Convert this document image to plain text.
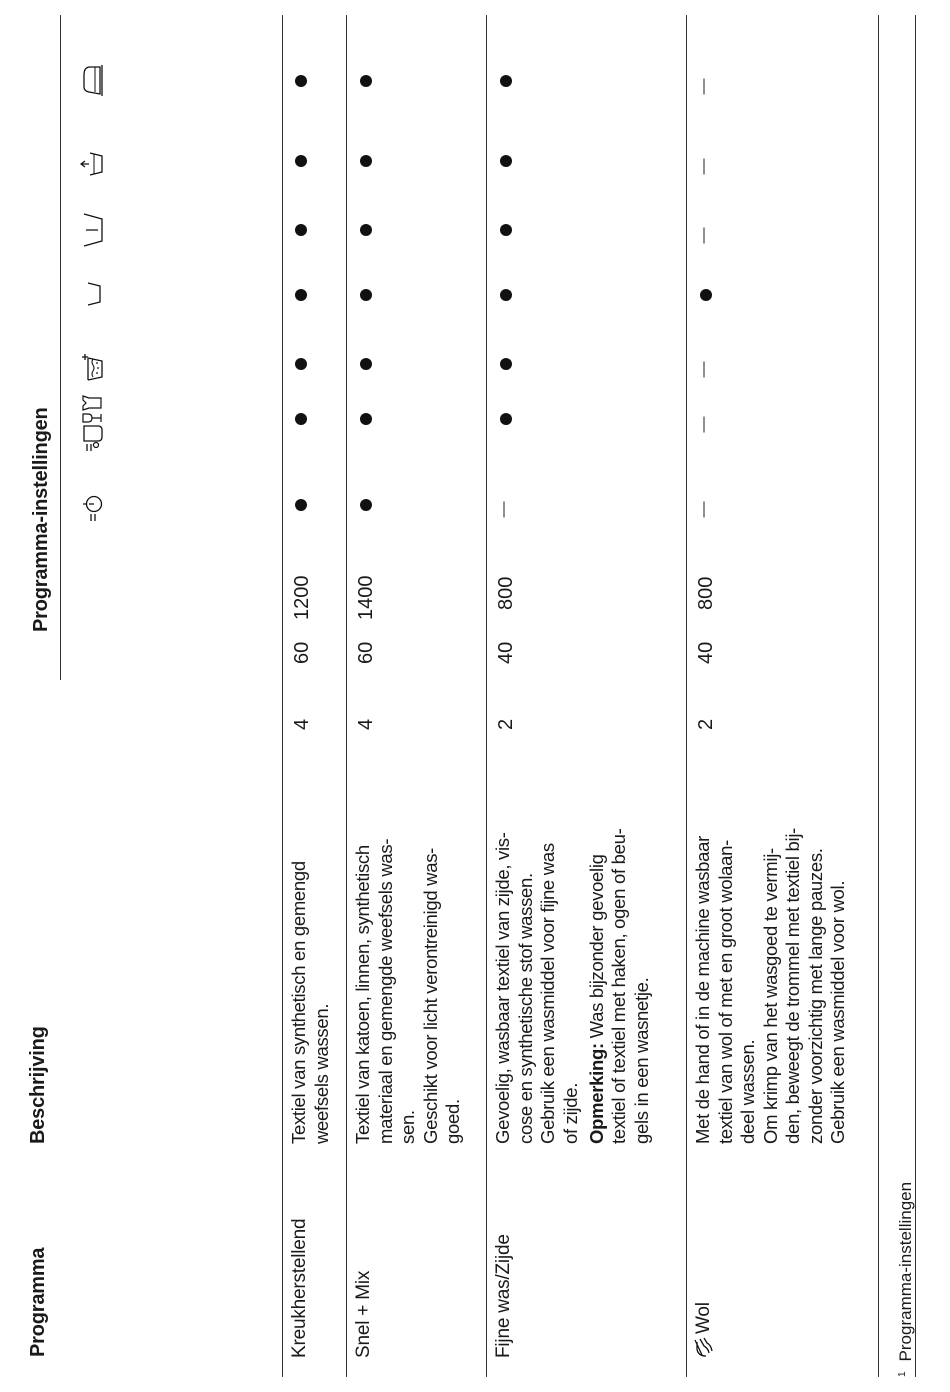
Programma
Beschrijving
Programma-instellingen
Kreukherstellend
Textiel van synthetisch en gemengd
weefsels wassen.
4
60
1200
Snel + Mix
Textiel van katoen, linnen, synthetisch
materiaal en gemengde weefsels was-
sen.
Geschikt voor licht verontreinigd was-
goed.
4
60
1400
Fijne was/Zijde
Gevoelig, wasbaar textiel van zijde, vis-
cose en synthetische stof wassen.
Gebruik een wasmiddel voor fijne was
of zijde. Opmerking: Was bijzonder gevoelig
textiel of textiel met haken, ogen of beu-
gels in een wasnetje.
2
40
800
Wol
Met de hand of in de machine wasbaar
textiel van wol of met en groot wolaan-
deel wassen.
Om krimp van het wasgoed te vermij-
den, beweegt de trommel met textiel bij-
zonder voorzichtig met lange pauzes.
Gebruik een wasmiddel voor wol.
2
40
800
$^1$Programma-instellingen
